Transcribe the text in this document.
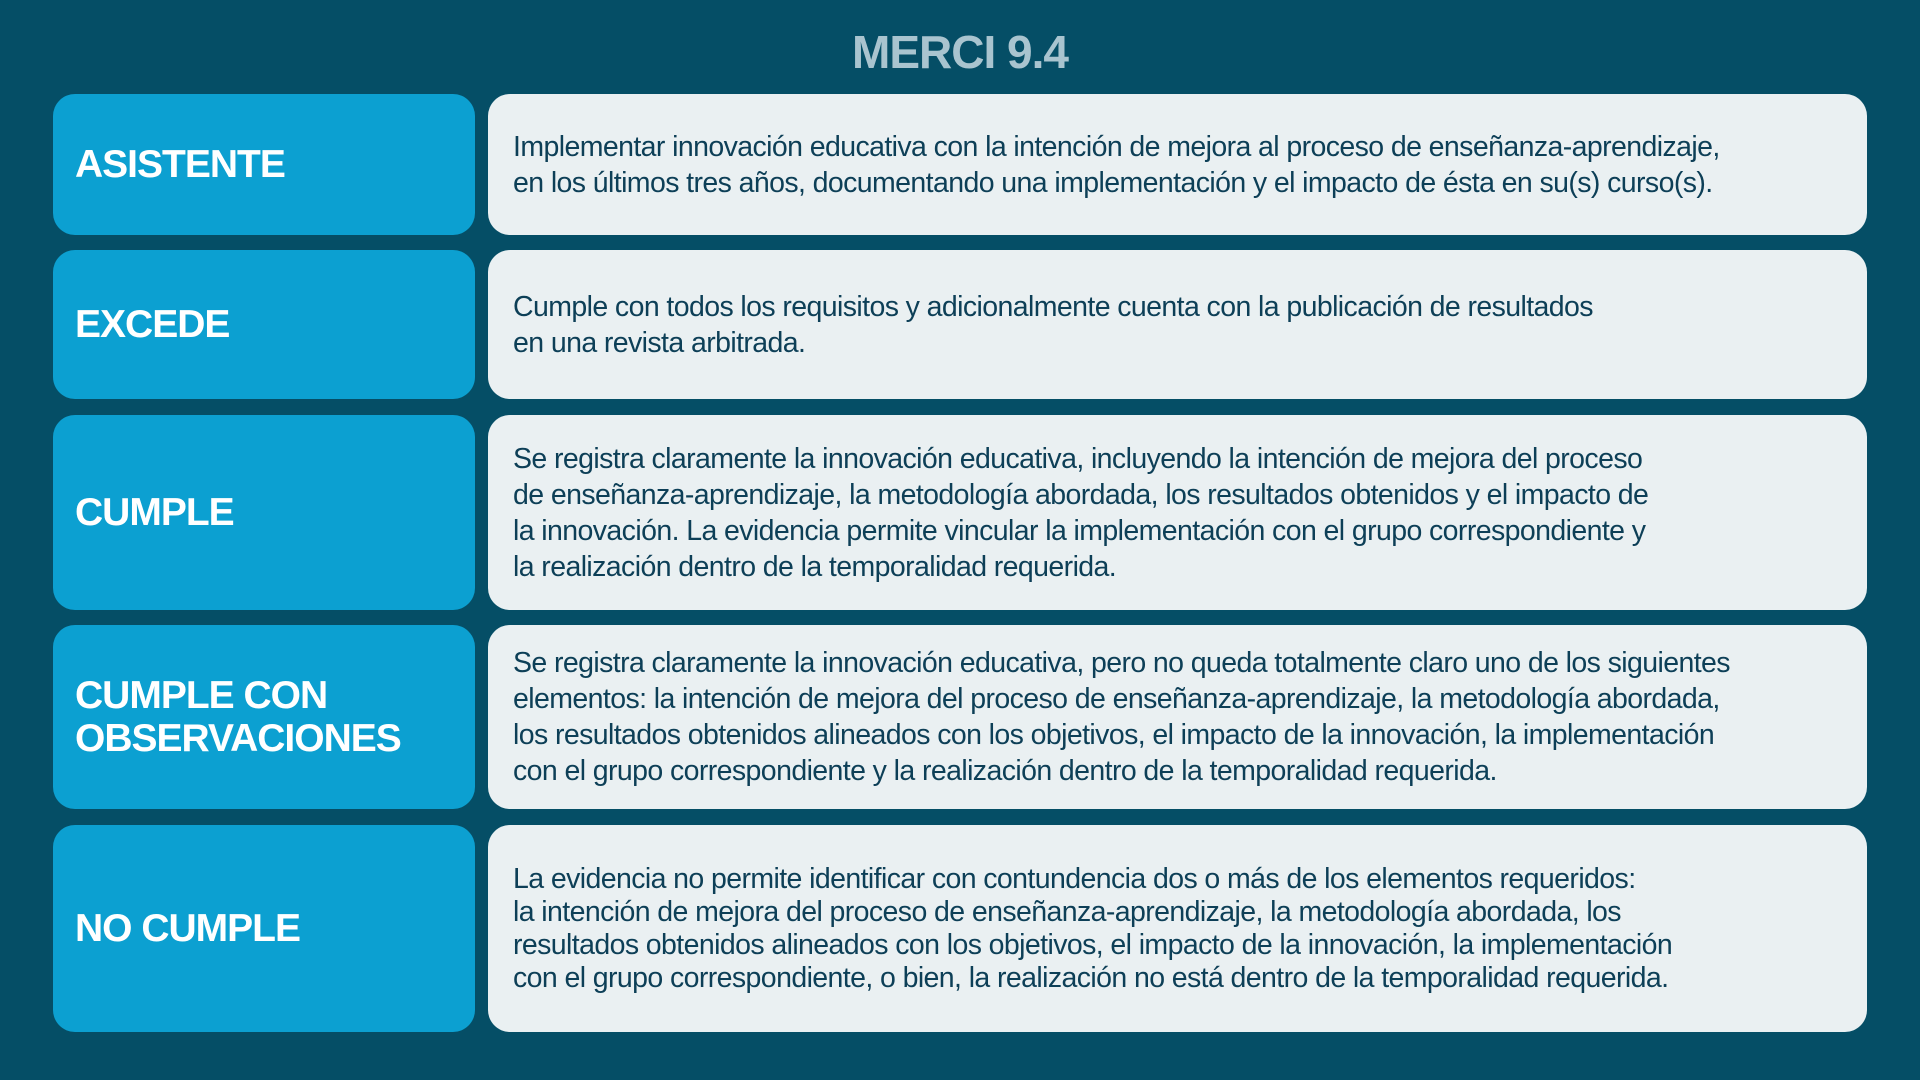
MERCI 9.4
ASISTENTE	Implementar innovación educativa con la intención de mejora al proceso de enseñanza-aprendizaje,
en los últimos tres años, documentando una implementación y el impacto de ésta en su(s) curso(s).
EXCEDE	Cumple con todos los requisitos y adicionalmente cuenta con la publicación de resultados
en una revista arbitrada.
CUMPLE
Se registra claramente la innovación educativa, incluyendo la intención de mejora del proceso
de enseñanza-aprendizaje, la metodología abordada, los resultados obtenidos y el impacto de
la innovación. La evidencia permite vincular la implementación con el grupo correspondiente y
la realización dentro de la temporalidad requerida.
CUMPLE CON
OBSERVACIONES
Se registra claramente la innovación educativa, pero no queda totalmente claro uno de los siguientes
elementos: la intención de mejora del proceso de enseñanza-aprendizaje, la metodología abordada,
los resultados obtenidos alineados con los objetivos, el impacto de la innovación, la implementación
con el grupo correspondiente y la realización dentro de la temporalidad requerida.
NO CUMPLE
La evidencia no permite identificar con contundencia dos o más de los elementos requeridos:
la intención de mejora del proceso de enseñanza-aprendizaje, la metodología abordada, los
resultados obtenidos alineados con los objetivos, el impacto de la innovación, la implementación
con el grupo correspondiente, o bien, la realización no está dentro de la temporalidad requerida.
